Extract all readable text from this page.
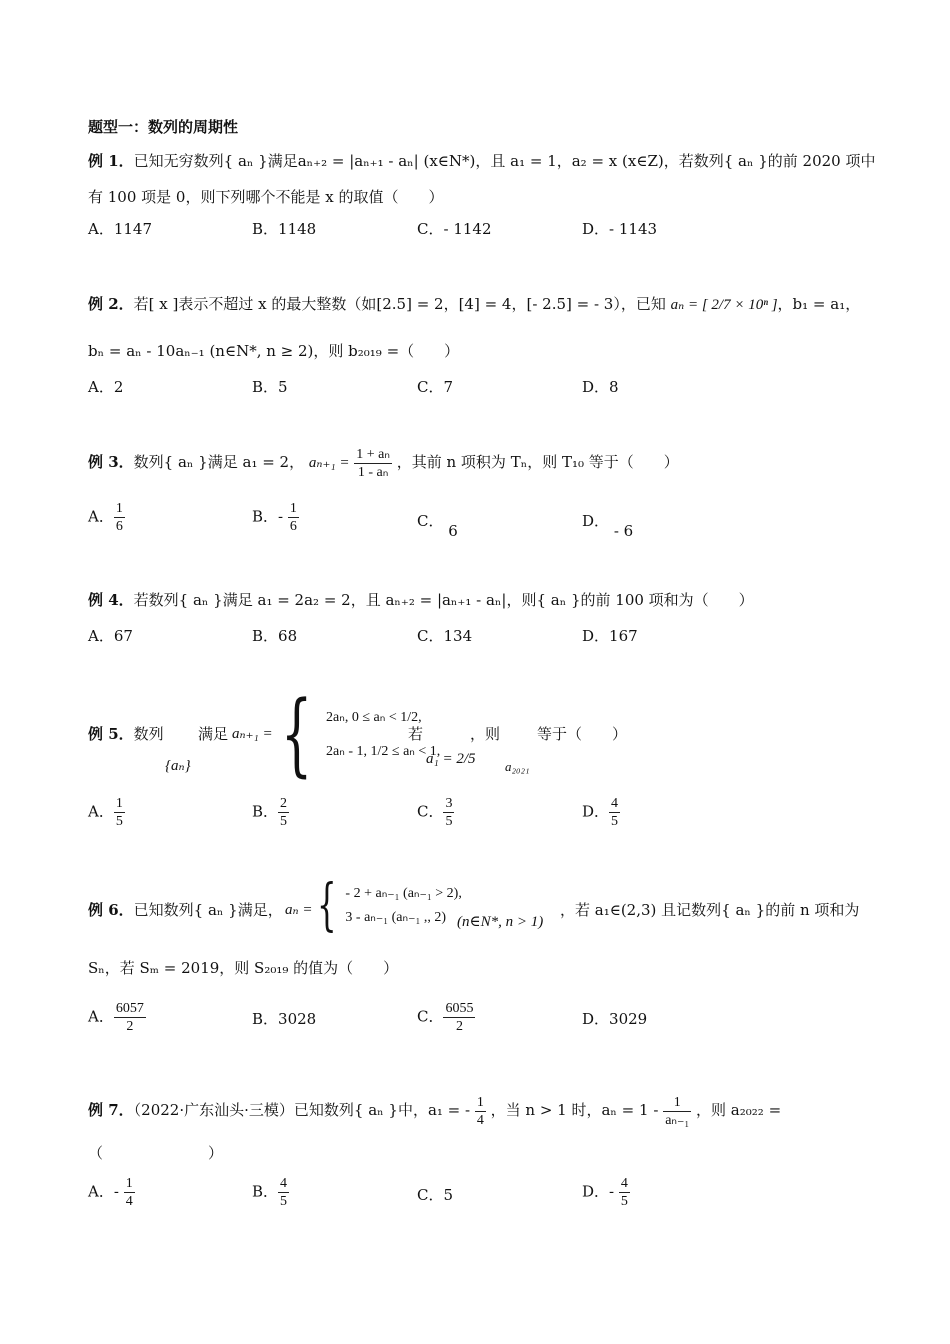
题型一：数列的周期性
例 1．已知无穷数列{ aₙ }满足aₙ₊₂ = |aₙ₊₁ - aₙ| (x∈N*)，且 a₁ = 1，a₂ = x (x∈Z)，若数列{ aₙ }的前 2020 项中
有 100 项是 0，则下列哪个不能是 x 的取值（　　）
A．1147	B．1148	C．- 1142	D．- 1143
例 2．若[ x ]表示不超过 x 的最大整数（如[2.5] = 2，[4] = 4，[- 2.5] = - 3），已知 aₙ = [ 2/7 × 10ⁿ ]，b₁ = a₁，
bₙ = aₙ - 10aₙ₋₁ (n∈N*, n ≥ 2)，则 b₂₀₁₉ =（　　）
A．2	B．5	C．7	D．8
例 3．数列{ aₙ }满足 a₁ = 2， $a_{n+1} = \frac{\text{1 + aₙ}}{\text{1 - aₙ}}$ ，其前 n 项积为 Tₙ，则 T₁₀ 等于（　　）
A． $\frac{1}{6}$	B．- $\frac{1}{6}$	C． 6
D． - 6
例 4．若数列{ aₙ }满足 a₁ = 2a₂ = 2，且 aₙ₊₂ = |aₙ₊₁ - aₙ|，则{ aₙ }的前 100 项和为（　　）
A．67	B．68	C．134	D．167
例 5．数列
{aₙ}
满足 aₙ₊₁ = { 2aₙ, 0 ≤ aₙ < 1/2,
2aₙ - 1, 1/2 ≤ aₙ < 1,
若
a₁ = 2/5
，则
a₂₀₂₁
等于（　　）
A． $\frac{1}{5}$	B． $\frac{2}{5}$	C． $\frac{3}{5}$	D． $\frac{4}{5}$
例 6．已知数列{ aₙ }满足， aₙ = { - 2 + aₙ₋₁ (aₙ₋₁ > 2),
3 - aₙ₋₁ (aₙ₋₁ ,, 2) (n∈N*, n > 1)
，若 a₁∈(2,3) 且记数列{ aₙ }的前 n 项和为
Sₙ，若 Sₘ = 2019，则 S₂₀₁₉ 的值为（　　）
A． $\frac{6057}{2}$	B．3028	C． $\frac{6055}{2}$	D．3029
例 7．（2022·广东汕头·三模）已知数列{ aₙ }中，a₁ = - $\frac{1}{4}$ ，当 n > 1 时，$a_n = 1 - \frac{1}{\text{aₙ₋₁}}$ ，则 a₂₀₂₂ =
（　　　　　　　）
A．- $\frac{1}{4}$	B． $\frac{4}{5}$	C．5	D．- $\frac{4}{5}$
